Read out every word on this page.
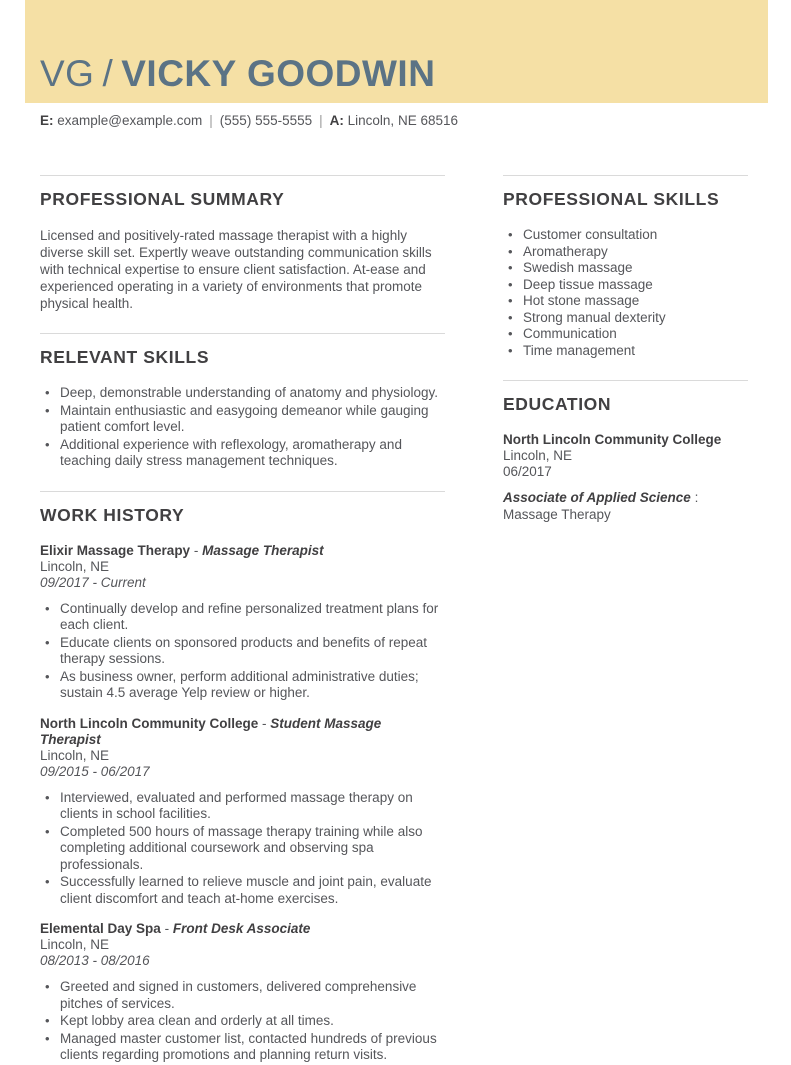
VG / VICKY GOODWIN
E: example@example.com | (555) 555-5555 | A: Lincoln, NE 68516
PROFESSIONAL SUMMARY

Licensed and positively-rated massage therapist with a highly diverse skill set. Expertly weave outstanding communication skills with technical expertise to ensure client satisfaction. At-ease and experienced operating in a variety of environments that promote physical health.

RELEVANT SKILLS
• Deep, demonstrable understanding of anatomy and physiology.
• Maintain enthusiastic and easygoing demeanor while gauging patient comfort level.
• Additional experience with reflexology, aromatherapy and teaching daily stress management techniques.
WORK HISTORY
Elixir Massage Therapy - Massage Therapist
Lincoln, NE
09/2017 - Current
• Continually develop and refine personalized treatment plans for each client.
• Educate clients on sponsored products and benefits of repeat therapy sessions.
• As business owner, perform additional administrative duties; sustain 4.5 average Yelp review or higher.
North Lincoln Community College - Student Massage Therapist
Lincoln, NE
09/2015 - 06/2017
• Interviewed, evaluated and performed massage therapy on clients in school facilities.
• Completed 500 hours of massage therapy training while also completing additional coursework and observing spa professionals.
• Successfully learned to relieve muscle and joint pain, evaluate client discomfort and teach at-home exercises.
Elemental Day Spa - Front Desk Associate
Lincoln, NE
08/2013 - 08/2016
• Greeted and signed in customers, delivered comprehensive pitches of services.
• Kept lobby area clean and orderly at all times.
• Managed master customer list, contacted hundreds of previous clients regarding promotions and planning return visits.
PROFESSIONAL SKILLS
• Customer consultation
• Aromatherapy
• Swedish massage
• Deep tissue massage
• Hot stone massage
• Strong manual dexterity
• Communication
• Time management
EDUCATION
North Lincoln Community College
Lincoln, NE
06/2017
Associate of Applied Science :
Massage Therapy
